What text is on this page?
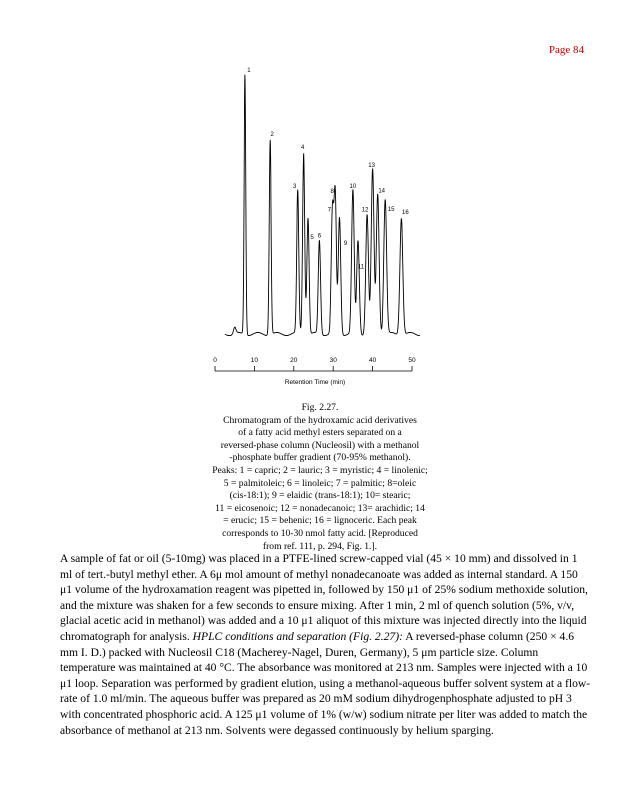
Page 84
1
2
3
4
5 6
7
8
9
10
11
12
13
14
15
16
0	10	20	30	40	50
Retention Time (min)
Fig. 2.27.
Chromatogram of the hydroxamic acid derivatives
of a fatty acid methyl esters separated on a
reversed-phase column (Nucleosil) with a methanol
-phosphate buffer gradient (70-95% methanol).
Peaks: 1 = capric; 2 = lauric; 3 = myristic; 4 = linolenic;
5 = palmitoleic; 6 = linoleic; 7 = palmitic; 8=oleic
(cis-18:1); 9 = elaidic (trans-18:1); 10= stearic;
11 = eicosenoic; 12 = nonadecanoic; 13= arachidic; 14
= erucic; 15 = behenic; 16 = lignoceric. Each peak
corresponds to 10-30 nmol fatty acid. [Reproduced
from ref. 111, p. 294, Fig. 1.].

A sample of fat or oil (5-10mg) was placed in a PTFE-lined screw-capped vial (45 × 10 mm) and dissolved in 1 ml of tert.-butyl methyl ether. A 6μ mol amount of methyl nonadecanoate was added as internal standard. A 150 μ1 volume of the hydroxamation reagent was pipetted in, followed by 150 μ1 of 25% sodium methoxide solution, and the mixture was shaken for a few seconds to ensure mixing. After 1 min, 2 ml of quench solution (5%, v/v, glacial acetic acid in methanol) was added and a 10 μ1 aliquot of this mixture was injected directly into the liquid chromatograph for analysis. HPLC conditions and separation (Fig. 2.27): A reversed-phase column (250 × 4.6 mm I. D.) packed with Nucleosil C18 (Macherey-Nagel, Duren, Germany), 5 μm particle size. Column temperature was maintained at 40 °C. The absorbance was monitored at 213 nm. Samples were injected with a 10 μ1 loop. Separation was performed by gradient elution, using a methanol-aqueous buffer solvent system at a flow-rate of 1.0 ml/min. The aqueous buffer was prepared as 20 mM sodium dihydrogenphosphate adjusted to pH 3 with concentrated phosphoric acid. A 125 μ1 volume of 1% (w/w) sodium nitrate per liter was added to match the absorbance of methanol at 213 nm. Solvents were degassed continuously by helium sparging.
